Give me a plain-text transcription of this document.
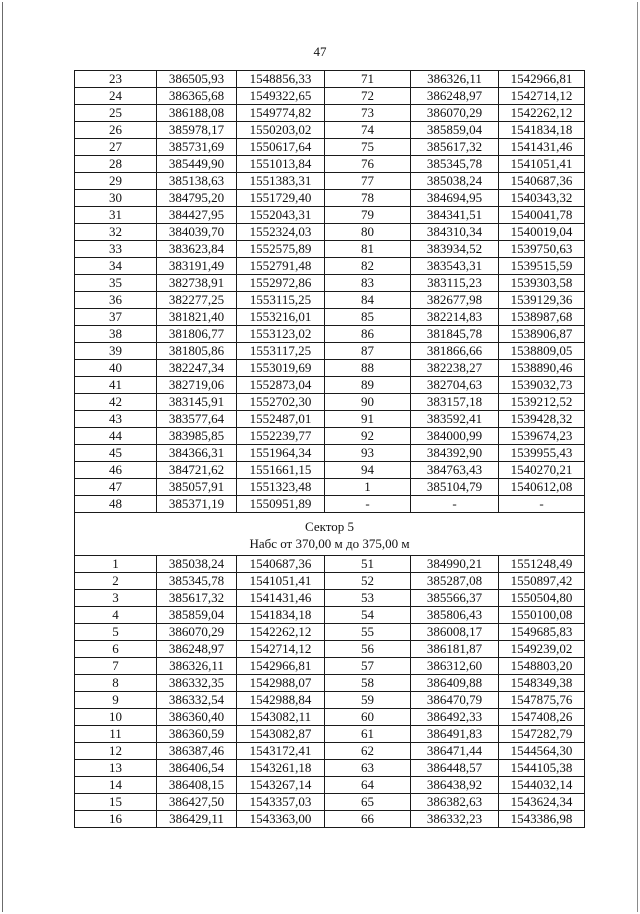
47
23	386505,93	1548856,33	71	386326,11	1542966,81
24	386365,68	1549322,65	72	386248,97	1542714,12
25	386188,08	1549774,82	73	386070,29	1542262,12
26	385978,17	1550203,02	74	385859,04	1541834,18
27	385731,69	1550617,64	75	385617,32	1541431,46
28	385449,90	1551013,84	76	385345,78	1541051,41
29	385138,63	1551383,31	77	385038,24	1540687,36
30	384795,20	1551729,40	78	384694,95	1540343,32
31	384427,95	1552043,31	79	384341,51	1540041,78
32	384039,70	1552324,03	80	384310,34	1540019,04
33	383623,84	1552575,89	81	383934,52	1539750,63
34	383191,49	1552791,48	82	383543,31	1539515,59
35	382738,91	1552972,86	83	383115,23	1539303,58
36	382277,25	1553115,25	84	382677,98	1539129,36
37	381821,40	1553216,01	85	382214,83	1538987,68
38	381806,77	1553123,02	86	381845,78	1538906,87
39	381805,86	1553117,25	87	381866,66	1538809,05
40	382247,34	1553019,69	88	382238,27	1538890,46
41	382719,06	1552873,04	89	382704,63	1539032,73
42	383145,91	1552702,30	90	383157,18	1539212,52
43	383577,64	1552487,01	91	383592,41	1539428,32
44	383985,85	1552239,77	92	384000,99	1539674,23
45	384366,31	1551964,34	93	384392,90	1539955,43
46	384721,62	1551661,15	94	384763,43	1540270,21
47	385057,91	1551323,48	1	385104,79	1540612,08
48	385371,19	1550951,89	-	-	-

Сектор 5
Набс от 370,00 м до 375,00 м					

1	385038,24	1540687,36	51	384990,21	1551248,49
2	385345,78	1541051,41	52	385287,08	1550897,42
3	385617,32	1541431,46	53	385566,37	1550504,80
4	385859,04	1541834,18	54	385806,43	1550100,08
5	386070,29	1542262,12	55	386008,17	1549685,83
6	386248,97	1542714,12	56	386181,87	1549239,02
7	386326,11	1542966,81	57	386312,60	1548803,20
8	386332,35	1542988,07	58	386409,88	1548349,38
9	386332,54	1542988,84	59	386470,79	1547875,76
10	386360,40	1543082,11	60	386492,33	1547408,26
11	386360,59	1543082,87	61	386491,83	1547282,79
12	386387,46	1543172,41	62	386471,44	1544564,30
13	386406,54	1543261,18	63	386448,57	1544105,38
14	386408,15	1543267,14	64	386438,92	1544032,14
15	386427,50	1543357,03	65	386382,63	1543624,34
16	386429,11	1543363,00	66	386332,23	1543386,98
